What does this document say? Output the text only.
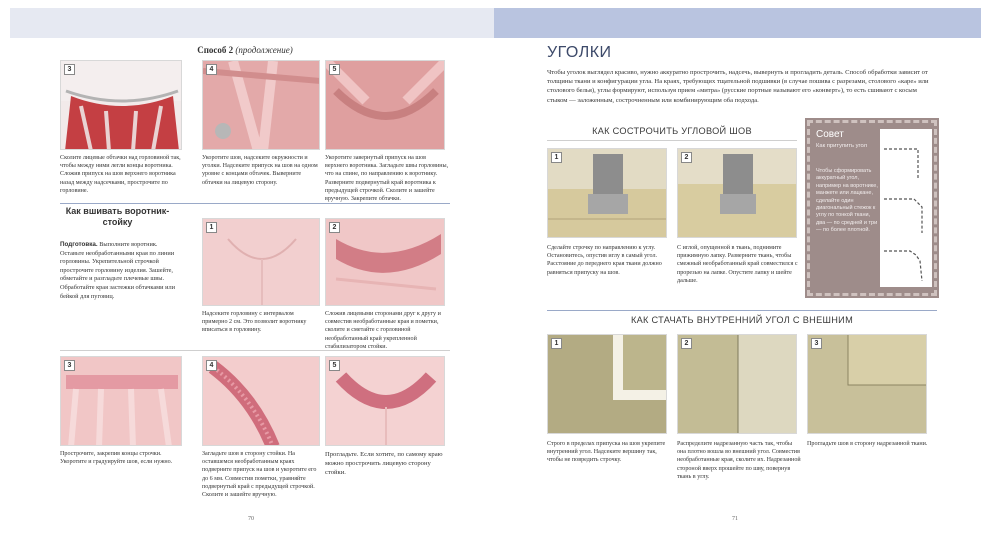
Способ 2 (продолжение)
3	4	5
Сколите лицевые обтачки над горловиной так, чтобы между ними легли концы воротника. Сложив припуск на шов верхнего воротника назад между надсечками, прострочите по горловине.
Укоротите шов, надсеките окружности и уголки. Надсеките припуск на шов на одном уровне с концами обтачек. Выверните обтачки на лицевую сторону.
Укоротите завернутый припуск на шов верхнего воротника. Загладьте швы горловины, что на спине, по направлению к воротнику. Разверните подвернутый край воротника к предыдущей строчкой. Сколите и зашейте вручную. Закрепите обтачки.
Как вшивать воротник-стойку
Подготовка. Выполните воротник. Оставьте необработанными края по линии горловины. Укрепительной строчкой прострочите горловину изделия. Зашейте, обметайте и разгладьте плечевые швы. Обработайте края застежки обтачками или бейкой для пуговиц.
1	2
Надсеките горловину с интервалом примерно 2 см. Это позволит воротнику вписаться в горловину.
Сложив лицевыми сторонами друг к другу и совместив необработанные края и пометки, сколите и сметайте с горловиной необработанный край укрепленной стабилизатором стойки.
3	4	5
Прострочите, закрепив концы строчки. Укоротите и градуируйте шов, если нужно.
Загладьте шов в сторону стойки. На оставшемся необработанным краях подверните припуск на шов и укоротите его до 6 мм. Совместив пометки, уравняйте подвернутый край с предыдущей строчкой. Сколите и зашейте вручную.
Прогладьте. Если хотите, по самому краю можно прострочить лицевую сторону стойки.
70
УГОЛКИ
Чтобы уголок выглядел красиво, нужно аккуратно прострочить, надсечь, вывернуть и прогладить деталь. Способ обработки зависит от толщины ткани и конфигурации угла. На краях, требующих тщательной подшивки (в случае пошива с разрезами, столового «каре» или столового белья), углы формируют, используя прием «митра» (русские портные называют его «конверт»), то есть сшивают с косым стыком — заложенным, сострочненным или комбинирующим оба подхода.
КАК СОСТРОЧИТЬ УГЛОВОЙ ШОВ
1	2
Сделайте строчку по направлению к углу. Остановитесь, опустив иглу в самый угол. Расстояние до переднего края ткани должно равняться припуску на шов.
С иглой, опущенной в ткань, поднимите прижимную лапку. Разверните ткань, чтобы смежный необработанный край совместился с прорезью на лапке. Опустите лапку и шейте дальше.
Совет
Как притупить угол
Чтобы сформировать аккуратный угол, например на воротнике, манжете или лацкане, сделайте один диагональный стежок к углу по тонкой ткани, два — по средней и три — по более плотной.
КАК СТАЧАТЬ ВНУТРЕННИЙ УГОЛ С ВНЕШНИМ
1	2	3
Строго в пределах припуска на шов укрепите внутренний угол. Надсеките вершину так, чтобы не повредить строчку.
Распределите надрезанную часть так, чтобы она плотно вошла во внешний угол. Совместив необработанные края, сколите их. Надрезанной стороной вверх прошейте по шву, повернув ткань в углу.
Прогладьте шов в сторону надрезанной ткани.
71
